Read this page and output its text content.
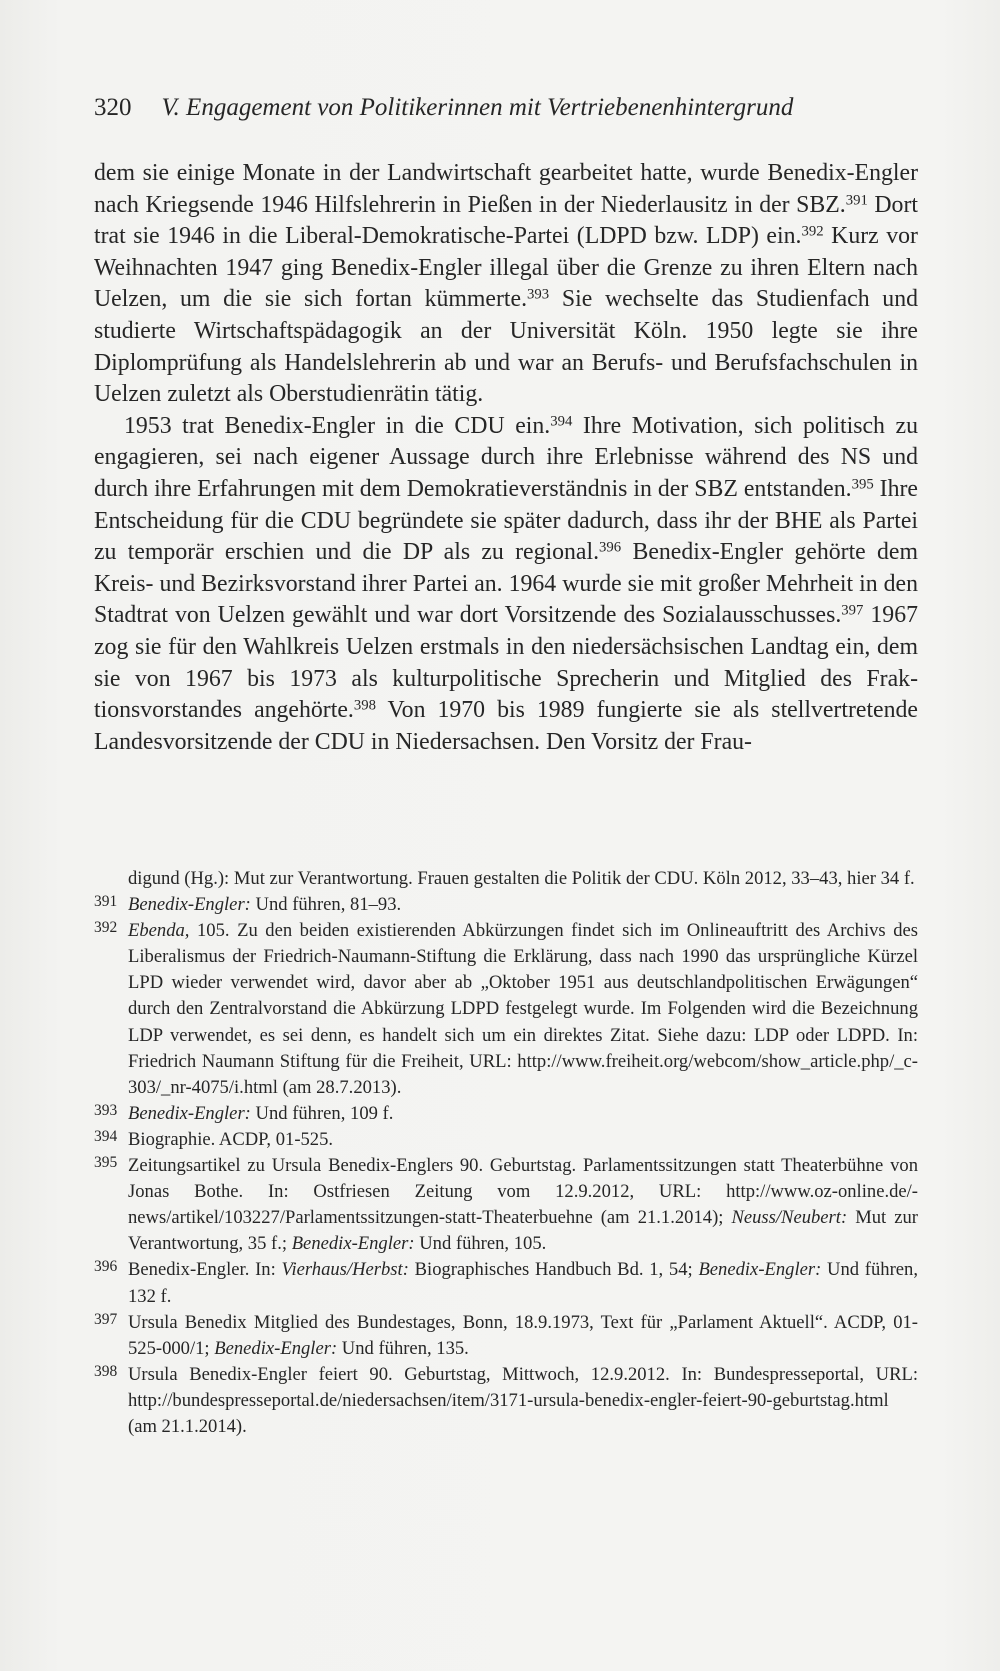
320 V. Engagement von Politikerinnen mit Vertriebenenhintergrund

dem sie einige Monate in der Landwirtschaft gearbeitet hatte, wurde Benedix-Engler nach Kriegsende 1946 Hilfslehrerin in Pießen in der Niederlausitz in der SBZ.$^{391}$ Dort trat sie 1946 in die Liberal-Demokratische-Partei (LDPD bzw. LDP) ein.$^{392}$ Kurz vor Weihnachten 1947 ging Benedix-Engler illegal über die Grenze zu ihren Eltern nach Uelzen, um die sie sich fortan kümmerte.$^{393}$ Sie wechselte das Studienfach und studierte Wirtschaftspädagogik an der Universität Köln. 1950 legte sie ihre Diplomprüfung als Handelslehrerin ab und war an Berufs- und Berufsfachschulen in Uelzen zuletzt als Oberstudienrätin tätig.

1953 trat Benedix-Engler in die CDU ein.$^{394}$ Ihre Motivation, sich politisch zu engagieren, sei nach eigener Aussage durch ihre Erlebnisse während des NS und durch ihre Erfahrungen mit dem Demokratieverständnis in der SBZ entstanden.$^{395}$ Ihre Entscheidung für die CDU begründete sie später dadurch, dass ihr der BHE als Partei zu temporär erschien und die DP als zu regional.$^{396}$ Benedix-Engler gehörte dem Kreis- und Bezirksvorstand ihrer Partei an. 1964 wurde sie mit großer Mehrheit in den Stadtrat von Uelzen gewählt und war dort Vorsitzende des Sozialausschusses.$^{397}$ 1967 zog sie für den Wahlkreis Uelzen erstmals in den niedersächsischen Landtag ein, dem sie von 1967 bis 1973 als kulturpolitische Sprecherin und Mitglied des Fraktionsvorstandes angehörte.$^{398}$ Von 1970 bis 1989 fungierte sie als stellvertretende Landesvorsitzende der CDU in Niedersachsen. Den Vorsitz der Frau-

digund (Hg.): Mut zur Verantwortung. Frauen gestalten die Politik der CDU. Köln 2012, 33–43, hier 34 f.
391 Benedix-Engler: Und führen, 81–93.
392 Ebenda, 105. Zu den beiden existierenden Abkürzungen findet sich im Onlineauftritt des Archivs des Liberalismus der Friedrich-Naumann-Stiftung die Erklärung, dass nach 1990 das ursprüngliche Kürzel LPD wieder verwendet wird, davor aber ab „Oktober 1951 aus deutschlandpolitischen Erwägungen“ durch den Zentralvorstand die Abkürzung LDPD festgelegt wurde. Im Folgenden wird die Bezeichnung LDP verwendet, es sei denn, es handelt sich um ein direktes Zitat. Siehe dazu: LDP oder LDPD. In: Friedrich Naumann Stiftung für die Freiheit, URL: http://www.freiheit.org/webcom/show_article.php/_c-303/_nr-4075/i.html (am 28.7.2013).
393 Benedix-Engler: Und führen, 109 f.
394 Biographie. ACDP, 01-525.
395 Zeitungsartikel zu Ursula Benedix-Englers 90. Geburtstag. Parlamentssitzungen statt Theaterbühne von Jonas Bothe. In: Ostfriesen Zeitung vom 12.9.2012, URL: http://www.oz-online.de/-news/artikel/103227/Parlamentssitzungen-statt-Theaterbuehne (am 21.1.2014); Neuss/Neubert: Mut zur Verantwortung, 35 f.; Benedix-Engler: Und führen, 105.
396 Benedix-Engler. In: Vierhaus/Herbst: Biographisches Handbuch Bd. 1, 54; Benedix-Engler: Und führen, 132 f.
397 Ursula Benedix Mitglied des Bundestages, Bonn, 18.9.1973, Text für „Parlament Aktuell“. ACDP, 01-525-000/1; Benedix-Engler: Und führen, 135.
398 Ursula Benedix-Engler feiert 90. Geburtstag, Mittwoch, 12.9.2012. In: Bundespresseportal, URL: http://bundespresseportal.de/niedersachsen/item/3171-ursula-benedix-engler-feiert-90-geburtstag.html (am 21.1.2014).
